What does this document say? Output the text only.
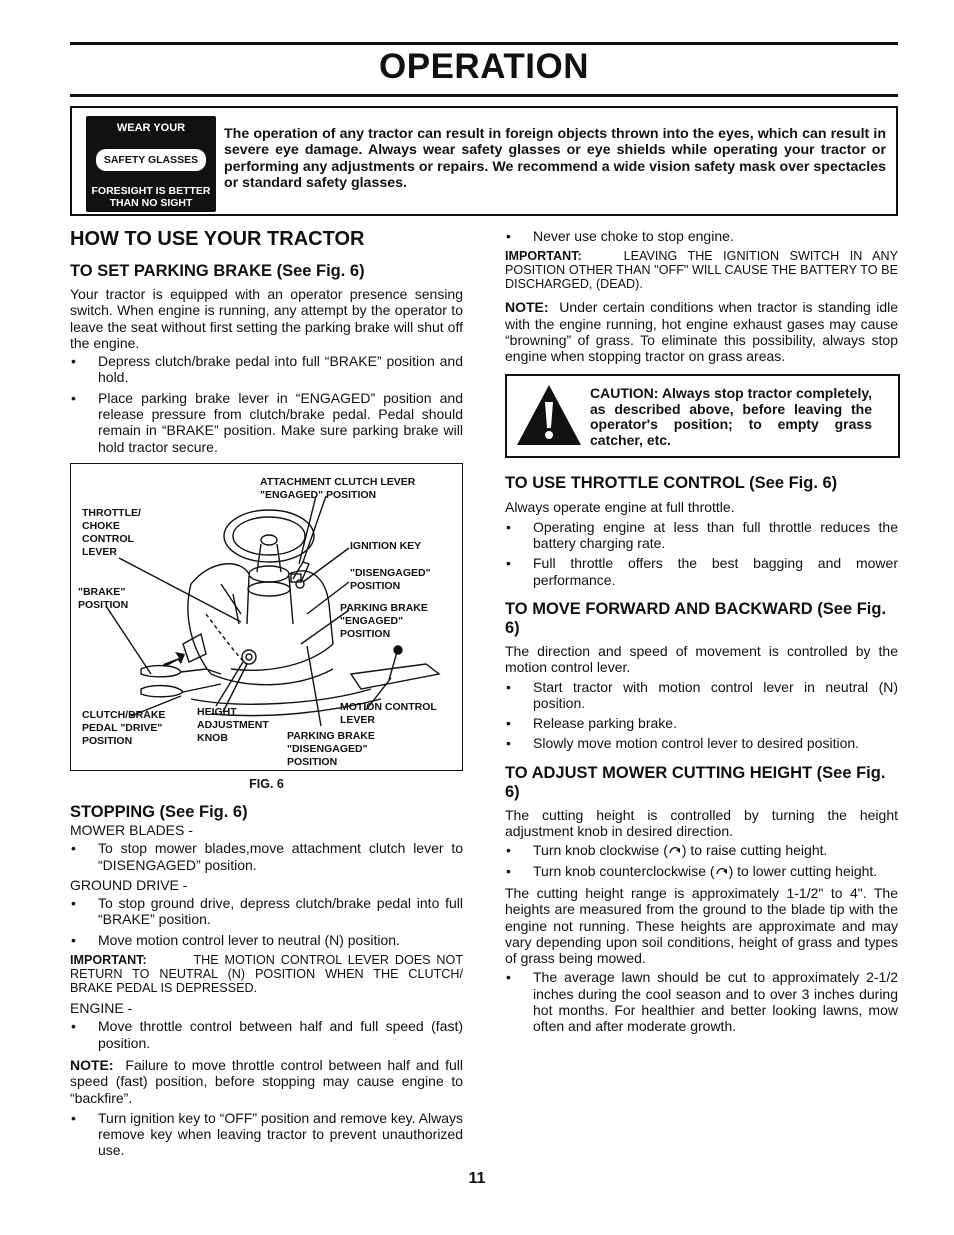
OPERATION
WEAR YOUR
SAFETY GLASSES
FORESIGHT IS BETTER
THAN NO SIGHT
The operation of any tractor can result in foreign objects thrown into the eyes, which can result in severe eye damage. Always wear safety glasses or eye shields while operating your tractor or performing any adjustments or repairs. We recommend a wide vision safety mask over spectacles or standard safety glasses.
HOW TO USE YOUR TRACTOR
TO SET PARKING BRAKE (See Fig. 6)

Your tractor is equipped with an operator presence sensing switch. When engine is running, any attempt by the operator to leave the seat without first setting the parking brake will shut off the engine.

• Depress clutch/brake pedal into full “BRAKE” position and hold.
• Place parking brake lever in “ENGAGED” position and release pressure from clutch/brake pedal. Pedal should remain in “BRAKE” position. Make sure parking brake will hold tractor secure.
ATTACHMENT CLUTCH LEVER "ENGAGED" POSITION
THROTTLE/ CHOKE CONTROL LEVER	IGNITION KEY
"DISENGAGED" POSITION
"BRAKE" POSITION	PARKING BRAKE "ENGAGED" POSITION
MOTION CONTROL LEVER
CLUTCH/BRAKE PEDAL "DRIVE" POSITION
HEIGHT ADJUSTMENT KNOB	PARKING BRAKE "DISENGAGED" POSITION
FIG. 6
STOPPING (See Fig. 6)
MOWER BLADES -
• To stop mower blades,move attachment clutch lever to “DISENGAGED” position.
GROUND DRIVE -
• To stop ground drive, depress clutch/brake pedal into full “BRAKE” position.
• Move motion control lever to neutral (N) position.

IMPORTANT:	THE MOTION CONTROL LEVER DOES NOT RETURN TO NEUTRAL (N) POSITION WHEN THE CLUTCH/ BRAKE PEDAL IS DEPRESSED.

ENGINE -
• Move throttle control between half and full speed (fast) position.

NOTE: Failure to move throttle control between half and full speed (fast) position, before stopping may cause engine to “backfire”.

• Turn ignition key to “OFF” position and remove key. Always remove key when leaving tractor to prevent unauthorized use.
• Never use choke to stop engine.

IMPORTANT:	LEAVING THE IGNITION SWITCH IN ANY POSITION OTHER THAN "OFF" WILL CAUSE THE BATTERY TO BE DISCHARGED, (DEAD).

NOTE: Under certain conditions when tractor is standing idle with the engine running, hot engine exhaust gases may cause “browning” of grass. To eliminate this possibility, always stop engine when stopping tractor on grass areas.

CAUTION: Always stop tractor completely, as described above, before leaving the operator's position; to empty grass catcher, etc.
TO USE THROTTLE CONTROL (See Fig. 6)

Always operate engine at full throttle.

• Operating engine at less than full throttle reduces the battery charging rate.
• Full throttle offers the best bagging and mower performance.
TO MOVE FORWARD AND BACKWARD (See Fig. 6)

The direction and speed of movement is controlled by the motion control lever.

• Start tractor with motion control lever in neutral (N) position.
• Release parking brake.
• Slowly move motion control lever to desired position.
TO ADJUST MOWER CUTTING HEIGHT (See Fig. 6)

The cutting height is controlled by turning the height adjustment knob in desired direction.

• Turn knob clockwise ( ) to raise cutting height.
• Turn knob counterclockwise ( ) to lower cutting height.

The cutting height range is approximately 1-1/2" to 4". The heights are measured from the ground to the blade tip with the engine not running. These heights are approximate and may vary depending upon soil conditions, height of grass and types of grass being mowed.

• The average lawn should be cut to approximately 2-1/2 inches during the cool season and to over 3 inches during hot months. For healthier and better looking lawns, mow often and after moderate growth.
11
